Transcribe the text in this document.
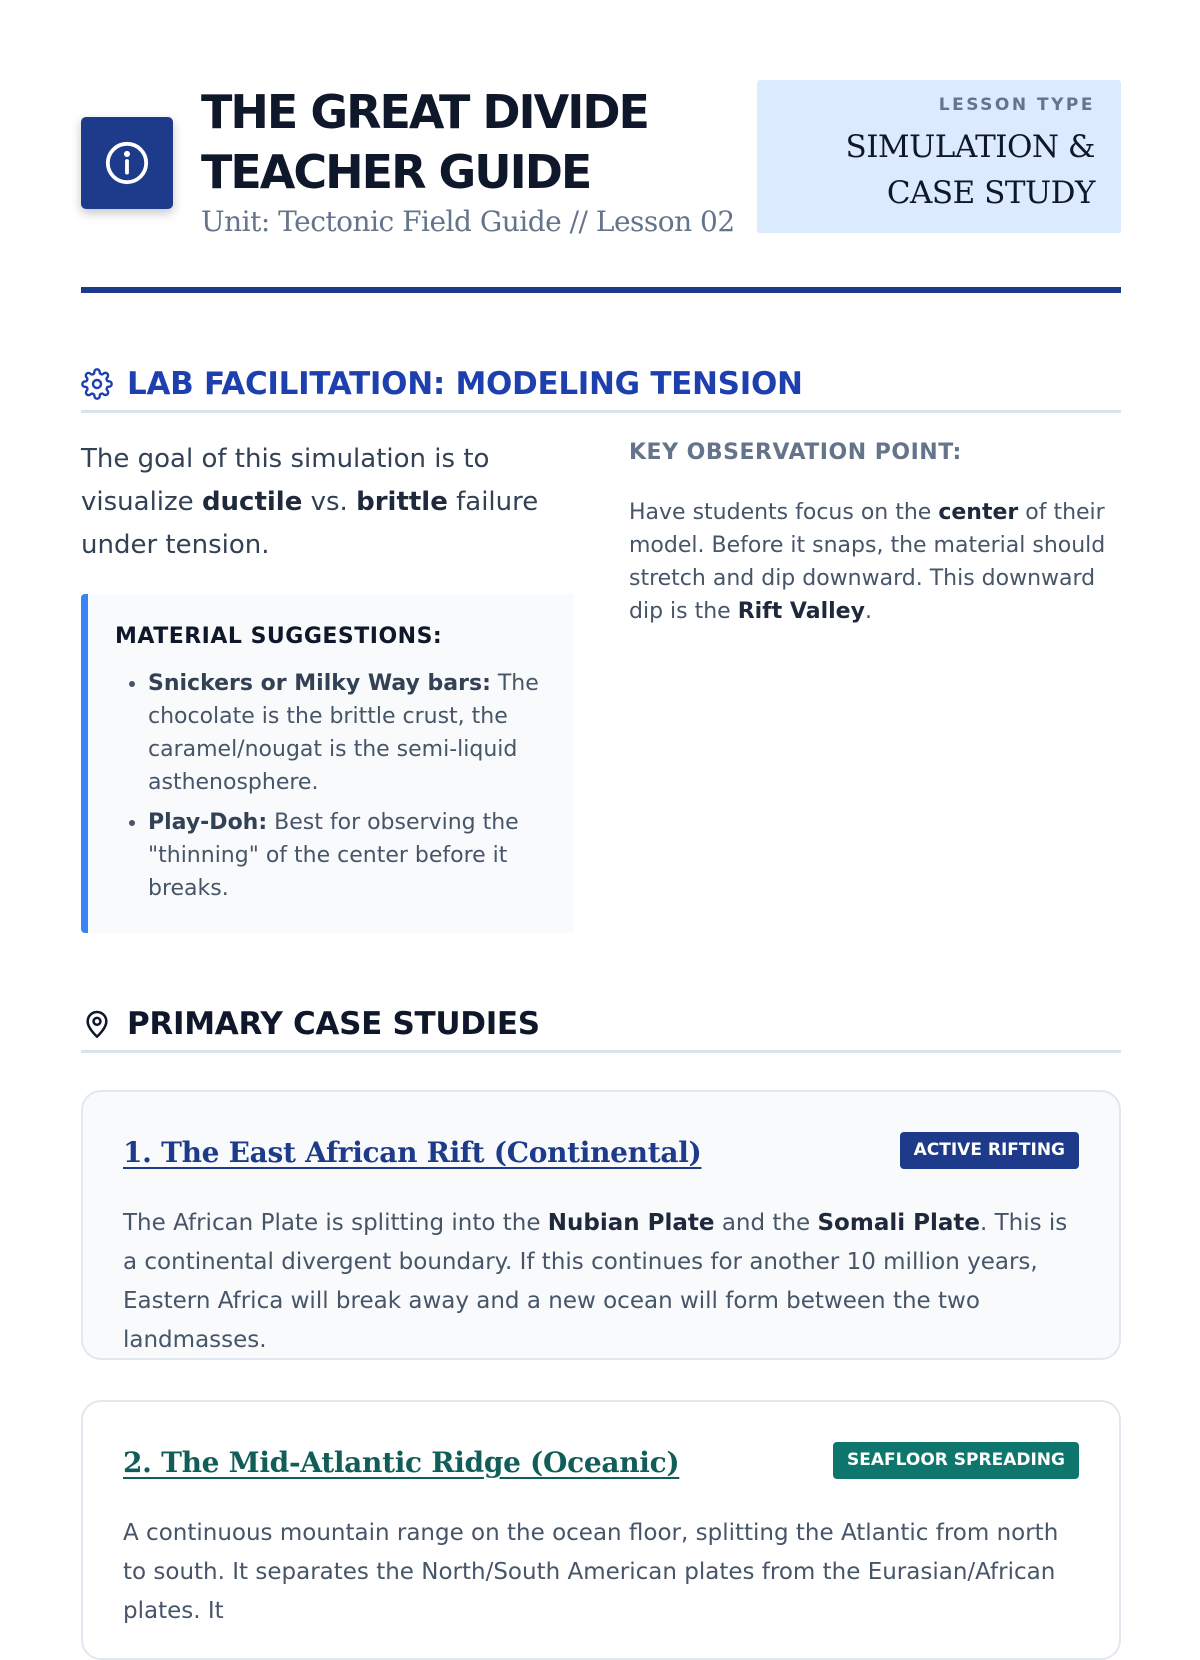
THE GREAT DIVIDE
TEACHER GUIDE
Unit: Tectonic Field Guide // Lesson 02
LESSON TYPE
SIMULATION &
CASE STUDY
LAB FACILITATION: MODELING TENSION
The goal of this simulation is to visualize ductile vs. brittle failure under tension.
MATERIAL SUGGESTIONS:
• Snickers or Milky Way bars: The chocolate is the brittle crust, the caramel/nougat is the semi-liquid asthenosphere.
• Play-Doh: Best for observing the "thinning" of the center before it breaks.
KEY OBSERVATION POINT:
Have students focus on the center of their model. Before it snaps, the material should stretch and dip downward. This downward dip is the Rift Valley.
PRIMARY CASE STUDIES
1. The East African Rift (Continental)	ACTIVE RIFTING
The African Plate is splitting into the Nubian Plate and the Somali Plate. This is a continental divergent boundary. If this continues for another 10 million years, Eastern Africa will break away and a new ocean will form between the two landmasses.
2. The Mid-Atlantic Ridge (Oceanic)	SEAFLOOR SPREADING
A continuous mountain range on the ocean floor, splitting the Atlantic from north to south. It separates the North/South American plates from the Eurasian/African plates. It
